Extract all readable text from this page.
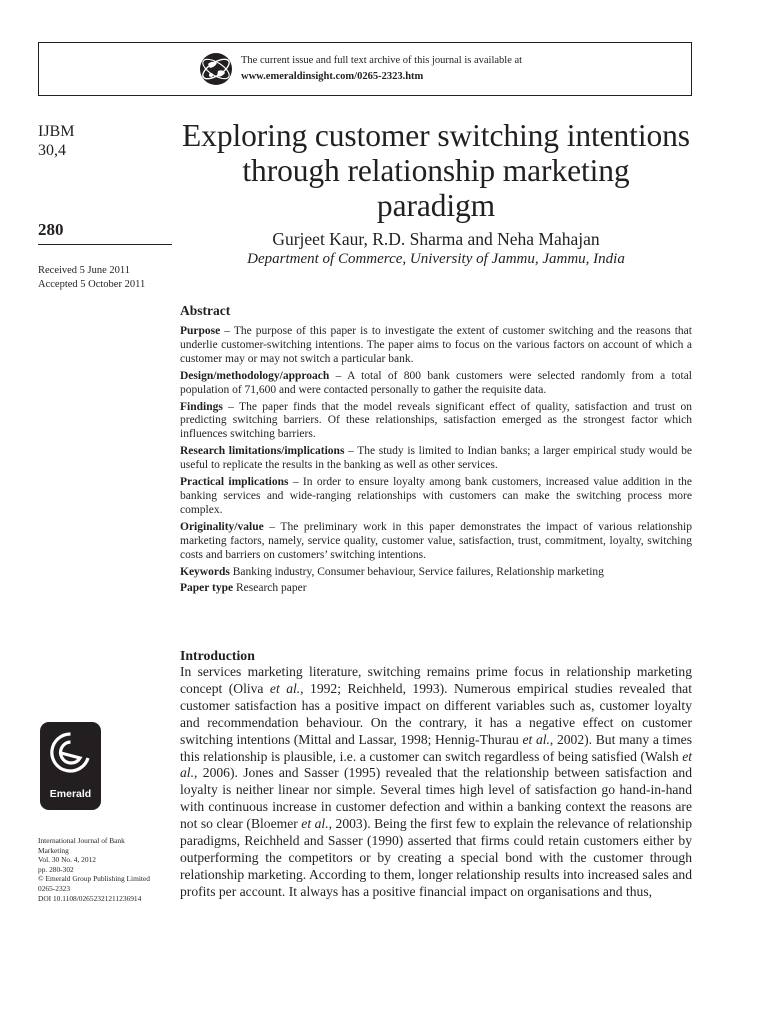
The current issue and full text archive of this journal is available at
www.emeraldinsight.com/0265-2323.htm
IJBM
30,4
280
Received 5 June 2011
Accepted 5 October 2011
Exploring customer switching intentions through relationship marketing paradigm

Gurjeet Kaur, R.D. Sharma and Neha Mahajan

Department of Commerce, University of Jammu, Jammu, India

Abstract

Purpose – The purpose of this paper is to investigate the extent of customer switching and the reasons that underlie customer-switching intentions. The paper aims to focus on the various factors on account of which a customer may or may not switch a particular bank.

Design/methodology/approach – A total of 800 bank customers were selected randomly from a total population of 71,600 and were contacted personally to gather the requisite data.

Findings – The paper finds that the model reveals significant effect of quality, satisfaction and trust on predicting switching barriers. Of these relationships, satisfaction emerged as the strongest factor which influences switching barriers.

Research limitations/implications – The study is limited to Indian banks; a larger empirical study would be useful to replicate the results in the banking as well as other services.

Practical implications – In order to ensure loyalty among bank customers, increased value addition in the banking services and wide-ranging relationships with customers can make the switching process more complex.

Originality/value – The preliminary work in this paper demonstrates the impact of various relationship marketing factors, namely, service quality, customer value, satisfaction, trust, commitment, loyalty, switching costs and barriers on customers’ switching intentions.

Keywords Banking industry, Consumer behaviour, Service failures, Relationship marketing

Paper type Research paper

Introduction

In services marketing literature, switching remains prime focus in relationship marketing concept (Oliva et al., 1992; Reichheld, 1993). Numerous empirical studies revealed that customer satisfaction has a positive impact on different variables such as, customer loyalty and recommendation behaviour. On the contrary, it has a negative effect on customer switching intentions (Mittal and Lassar, 1998; Hennig-Thurau et al., 2002). But many a times this relationship is plausible, i.e. a customer can switch regardless of being satisfied (Walsh et al., 2006). Jones and Sasser (1995) revealed that the relationship between satisfaction and loyalty is neither linear nor simple. Several times high level of satisfaction go hand-in-hand with continuous increase in customer defection and within a banking context the reasons are not so clear (Bloemer et al., 2003). Being the first few to explain the relevance of relationship paradigms, Reichheld and Sasser (1990) asserted that firms could retain customers either by outperforming the competitors or by creating a special bond with the customer through relationship marketing. According to them, longer relationship results into increased sales and profits per account. It always has a positive financial impact on organisations and thus,

Emerald
International Journal of Bank
Marketing
Vol. 30 No. 4, 2012
pp. 280-302
© Emerald Group Publishing Limited
0265-2323
DOI 10.1108/02652321211236914
